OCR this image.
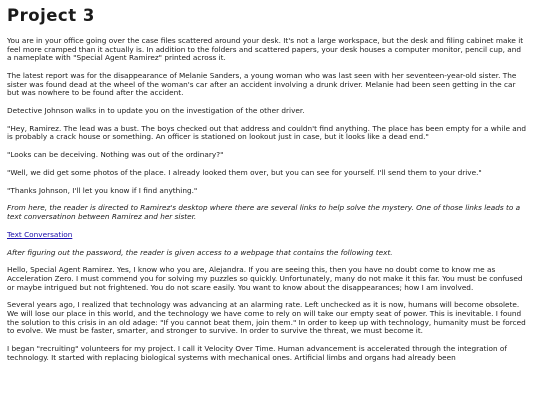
Project 3

You are in your office going over the case files scattered around your desk. It's not a large workspace, but the desk and filing cabinet make it feel more cramped than it actually is. In addition to the folders and scattered papers, your desk houses a computer monitor, pencil cup, and a nameplate with "Special Agent Ramirez" printed across it.

The latest report was for the disappearance of Melanie Sanders, a young woman who was last seen with her seventeen-year-old sister. The sister was found dead at the wheel of the woman's car after an accident involving a drunk driver. Melanie had been seen getting in the car but was nowhere to be found after the accident.

Detective Johnson walks in to update you on the investigation of the other driver.

"Hey, Ramirez. The lead was a bust. The boys checked out that address and couldn't find anything. The place has been empty for a while and is probably a crack house or something. An officer is stationed on lookout just in case, but it looks like a dead end."

"Looks can be deceiving. Nothing was out of the ordinary?"

"Well, we did get some photos of the place. I already looked them over, but you can see for yourself. I'll send them to your drive."

"Thanks Johnson, I'll let you know if I find anything."

From here, the reader is directed to Ramirez's desktop where there are several links to help solve the mystery. One of those links leads to a text conversatinon between Ramirez and her sister.

Text Conversation

After figuring out the password, the reader is given access to a webpage that contains the following text.

Hello, Special Agent Ramirez. Yes, I know who you are, Alejandra. If you are seeing this, then you have no doubt come to know me as Acceleration Zero. I must commend you for solving my puzzles so quickly. Unfortunately, many do not make it this far. You must be confused or maybe intrigued but not frightened. You do not scare easily. You want to know about the disappearances; how I am involved.

Several years ago, I realized that technology was advancing at an alarming rate. Left unchecked as it is now, humans will become obsolete. We will lose our place in this world, and the technology we have come to rely on will take our empty seat of power. This is inevitable. I found the solution to this crisis in an old adage: "If you cannot beat them, join them." In order to keep up with technology, humanity must be forced to evolve. We must be faster, smarter, and stronger to survive. In order to survive the threat, we must become it.

I began "recruiting" volunteers for my project. I call it Velocity Over Time. Human advancement is accelerated through the integration of technology. It started with replacing biological systems with mechanical ones. Artificial limbs and organs had already been
